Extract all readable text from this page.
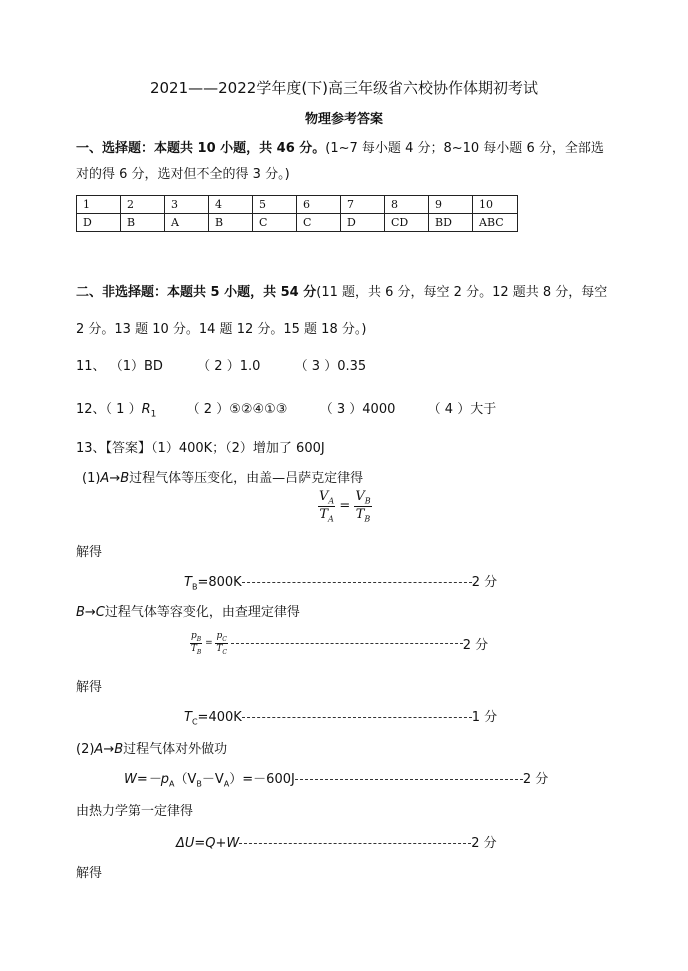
2021——2022学年度(下)高三年级省六校协作体期初考试
物理参考答案
一、选择题：本题共 10 小题，共 46 分。(1~7 每小题 4 分；8~10 每小题 6 分，全部选
对的得 6 分，选对但不全的得 3 分。)
1	2	3	4	5	6	7	8	9	10
D	B	A	B	C	C	D	CD	BD	ABC
二、非选择题：本题共 5 小题，共 54 分(11 题，共 6 分，每空 2 分。12 题共 8 分，每空
2 分。13 题 10 分。14 题 12 分。15 题 18 分。)
11、 （1）BD	（ 2 ）1.0	（ 3 ）0.35
12、（ 1 ）$R_1$ （ 2 ）⑤②④①③ （ 3 ）4000 （ 4 ）大于
13、【答案】（1）400K；（2）增加了 600J
(1)A→B过程气体等压变化，由盖—吕萨克定律得
$\frac{V_A}{T_A} = \frac{V_B}{T_B}$
解得
$T_B=800K$	2 分
B→C过程气体等容变化，由查理定律得
$\frac{p_B}{T_B} = \frac{p_C}{T_C}$	2 分
解得
$T_C=400K$	1 分
(2)A→B过程气体对外做功
$W=-p_A(V_B-V_A)=-600J$	2 分
由热力学第一定律得
ΔU=Q+W	2 分
解得
